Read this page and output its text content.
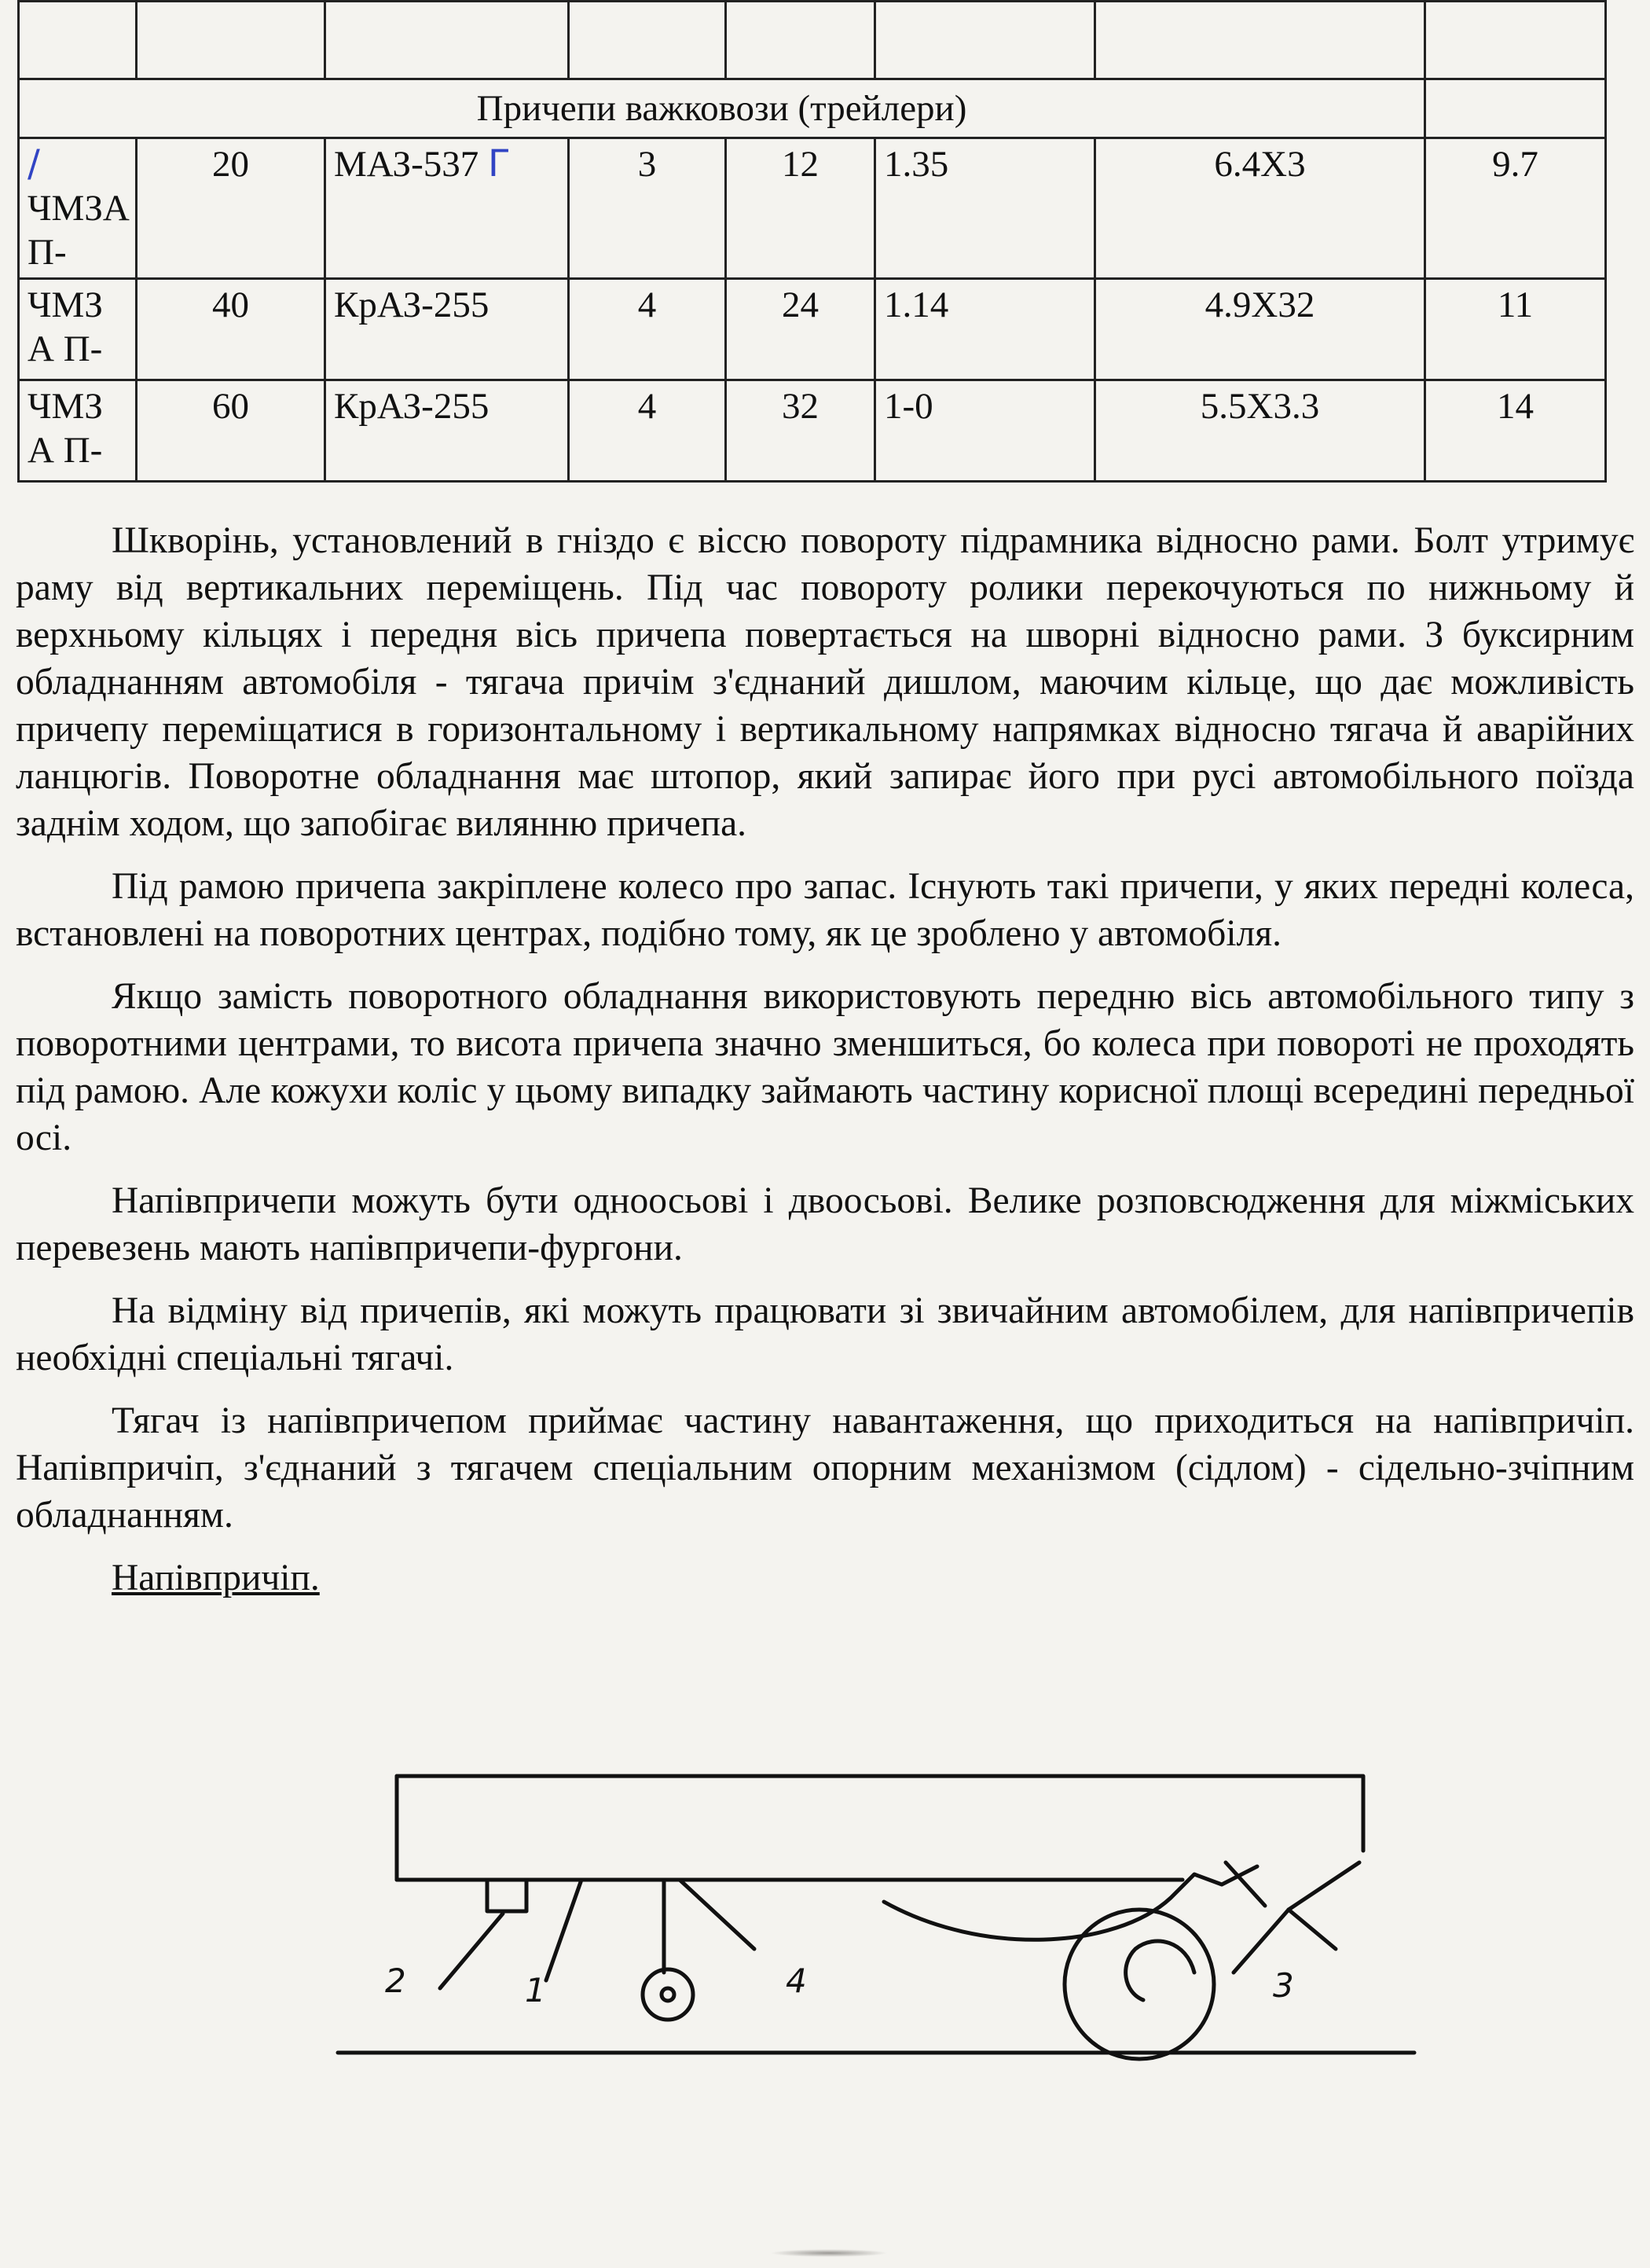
Причепи важковози (трейлери)							
/ЧМЗА П-	20	МАЗ-537 Г	3	12	1.35	6.4Х3	9.7
ЧМЗ А П-	40	КрАЗ-255	4	24	1.14	4.9Х32	11
ЧМЗ А П-	60	КрАЗ-255	4	32	1-0	5.5Х3.3	14

Шкворінь, установлений в гніздо є віссю повороту підрамника відносно рами. Болт утримує раму від вертикальних переміщень. Під час повороту ролики перекочуються по нижньому й верхньому кільцях і передня вісь причепа повертається на шворні відносно рами. З буксирним обладнанням автомобіля - тягача причім з'єднаний дишлом, маючим кільце, що дає можливість причепу переміщатися в горизонтальному і вертикальному напрямках відносно тягача й аварійних ланцюгів. Поворотне обладнання має штопор, який запирає його при русі автомобільного поїзда заднім ходом, що запобігає вилянню причепа.

Під рамою причепа закріплене колесо про запас. Існують такі причепи, у яких передні колеса, встановлені на поворотних центрах, подібно тому, як це зроблено у автомобіля.

Якщо замість поворотного обладнання використовують передню вісь автомобільного типу з поворотними центрами, то висота причепа значно зменшиться, бо колеса при повороті не проходять під рамою. Але кожухи коліс у цьому випадку займають частину корисної площі всередині передньої осі.

Напівпричепи можуть бути одноосьові і двоосьові. Велике розповсюдження для міжміських перевезень мають напівпричепи-фургони.

На відміну від причепів, які можуть працювати зі звичайним автомобілем, для напівпричепів необхідні спеціальні тягачі.

Тягач із напівпричепом приймає частину навантаження, що приходиться на напівпричіп. Напівпричіп, з'єднаний з тягачем спеціальним опорним механізмом (сідлом) - сідельно-зчіпним обладнанням.

Напівпричіп.

2	1	4	3
